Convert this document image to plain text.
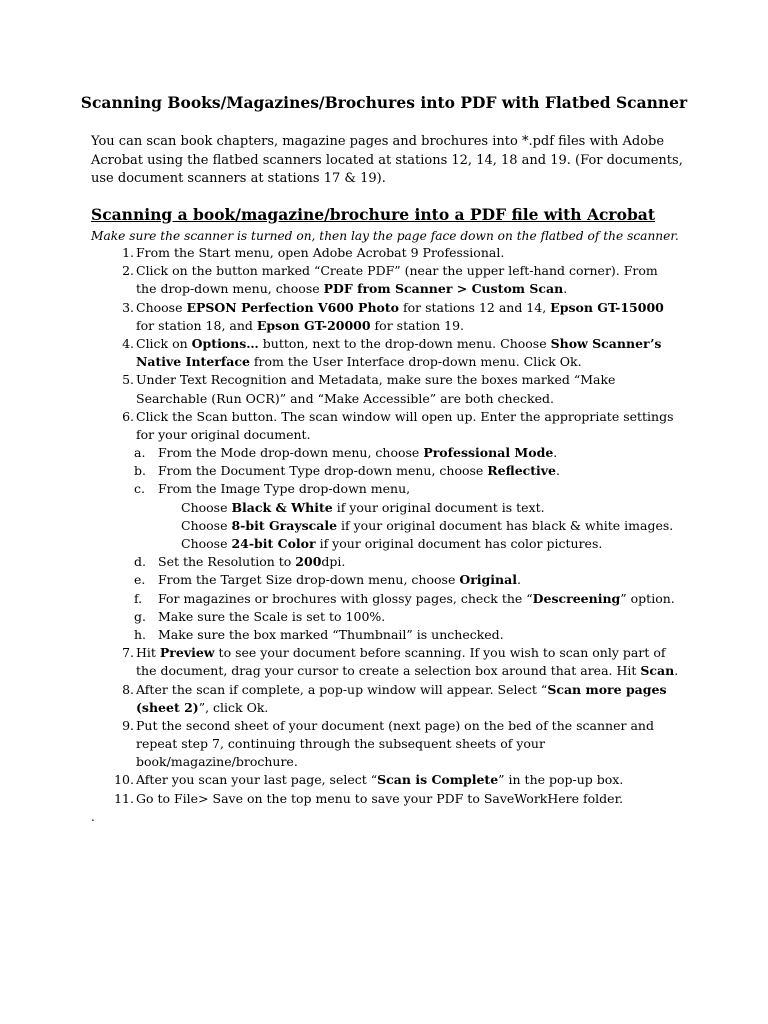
Scanning Books/Magazines/Brochures into PDF with Flatbed Scanner
You can scan book chapters, magazine pages and brochures into *.pdf files with Adobe
Acrobat using the flatbed scanners located at stations 12, 14, 18 and 19. (For documents,
use document scanners at stations 17 & 19).
Scanning a book/magazine/brochure into a PDF file with Acrobat
Make sure the scanner is turned on, then lay the page face down on the flatbed of the scanner.
1. From the Start menu, open Adobe Acrobat 9 Professional.
2. Click on the button marked “Create PDF” (near the upper left-hand corner). From
the drop-down menu, choose PDF from Scanner > Custom Scan.
3. Choose EPSON Perfection V600 Photo for stations 12 and 14, Epson GT-15000
for station 18, and Epson GT-20000 for station 19.
4. Click on Options… button, next to the drop-down menu. Choose Show Scanner’s
Native Interface from the User Interface drop-down menu. Click Ok.
5. Under Text Recognition and Metadata, make sure the boxes marked “Make
Searchable (Run OCR)” and “Make Accessible” are both checked.
6. Click the Scan button. The scan window will open up. Enter the appropriate settings
for your original document.
a.	From the Mode drop-down menu, choose Professional Mode.
b. From the Document Type drop-down menu, choose Reflective.
c.	From the Image Type drop-down menu,
Choose Black & White if your original document is text.
Choose 8-bit Grayscale if your original document has black & white images.
Choose 24-bit Color if your original document has color pictures.
d. Set the Resolution to 200dpi.
e.	From the Target Size drop-down menu, choose Original.
f.	For magazines or brochures with glossy pages, check the “Descreening” option.
g. Make sure the Scale is set to 100%.
h. Make sure the box marked “Thumbnail” is unchecked.
7. Hit Preview to see your document before scanning. If you wish to scan only part of
the document, drag your cursor to create a selection box around that area. Hit Scan.
8. After the scan if complete, a pop-up window will appear. Select “Scan more pages
(sheet 2)”, click Ok.
9. Put the second sheet of your document (next page) on the bed of the scanner and
repeat step 7, continuing through the subsequent sheets of your
book/magazine/brochure.
10. After you scan your last page, select “Scan is Complete” in the pop-up box.
11. Go to File> Save on the top menu to save your PDF to SaveWorkHere folder.
.
